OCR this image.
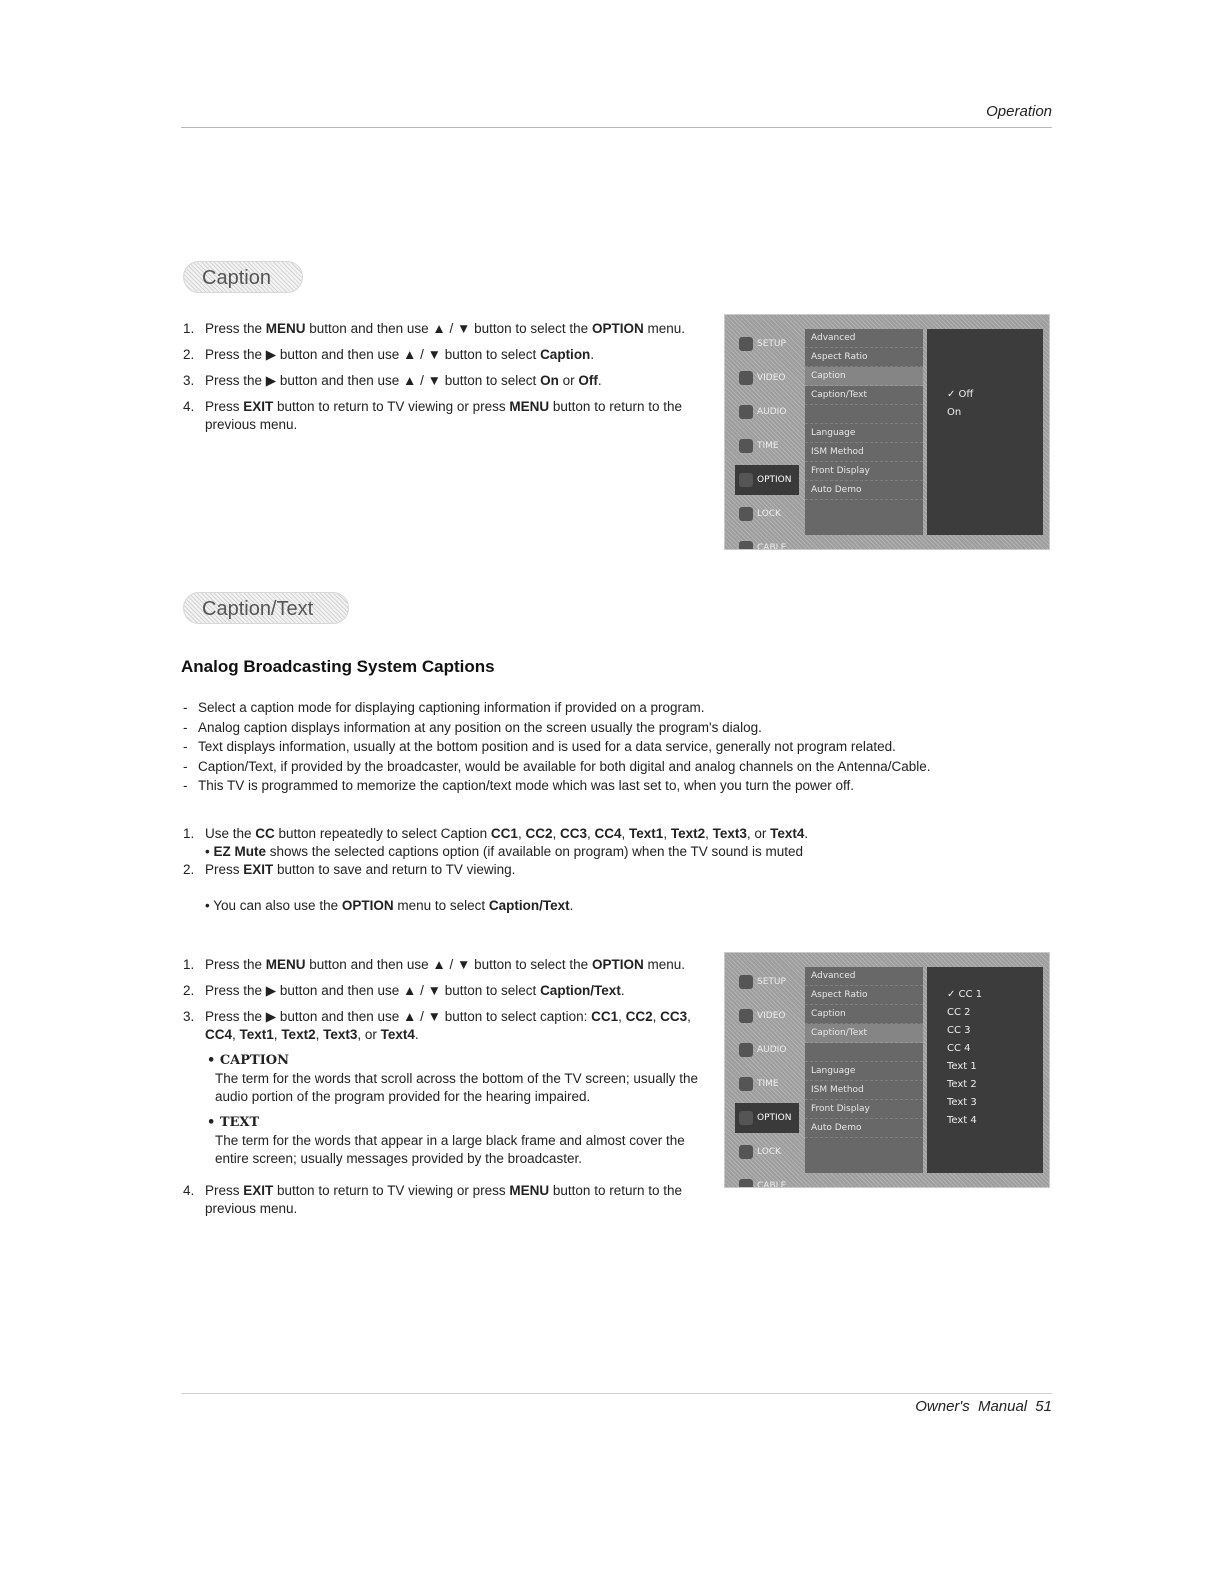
Operation
Caption
1. Press the MENU button and then use ▲ / ▼ button to select the OPTION menu.
2. Press the ▶ button and then use ▲ / ▼ button to select Caption.
3. Press the ▶ button and then use ▲ / ▼ button to select On or Off.
4. Press EXIT button to return to TV viewing or press MENU button to return to the previous menu.
SETUP
VIDEO
AUDIO
TIME
OPTION
LOCK
CABLE
Advanced
Aspect Ratio
Caption
Caption/Text
Language
ISM Method
Front Display
Auto Demo
✓ Off
On
Caption/Text
Analog Broadcasting System Captions
- Select a caption mode for displaying captioning information if provided on a program.
- Analog caption displays information at any position on the screen usually the program's dialog.
- Text displays information, usually at the bottom position and is used for a data service, generally not program related.
- Caption/Text, if provided by the broadcaster, would be available for both digital and analog channels on the Antenna/Cable.
- This TV is programmed to memorize the caption/text mode which was last set to, when you turn the power off.
1. Use the CC button repeatedly to select Caption CC1, CC2, CC3, CC4, Text1, Text2, Text3, or Text4.
• EZ Mute shows the selected captions option (if available on program) when the TV sound is muted
2. Press EXIT button to save and return to TV viewing.
• You can also use the OPTION menu to select Caption/Text.
1. Press the MENU button and then use ▲ / ▼ button to select the OPTION menu.
2. Press the ▶ button and then use ▲ / ▼ button to select Caption/Text.
3. Press the ▶ button and then use ▲ / ▼ button to select caption: CC1, CC2, CC3, CC4, Text1, Text2, Text3, or Text4.
• CAPTION
The term for the words that scroll across the bottom of the TV screen; usually the audio portion of the program provided for the hearing impaired.
• TEXT
The term for the words that appear in a large black frame and almost cover the entire screen; usually messages provided by the broadcaster.
4. Press EXIT button to return to TV viewing or press MENU button to return to the previous menu.
SETUP
VIDEO
AUDIO
TIME
OPTION
LOCK
CABLE
Advanced
Aspect Ratio
Caption
Caption/Text
Language
ISM Method
Front Display
Auto Demo
✓ CC 1
CC 2
CC 3
CC 4
Text 1
Text 2
Text 3
Text 4
Owner's Manual 51
